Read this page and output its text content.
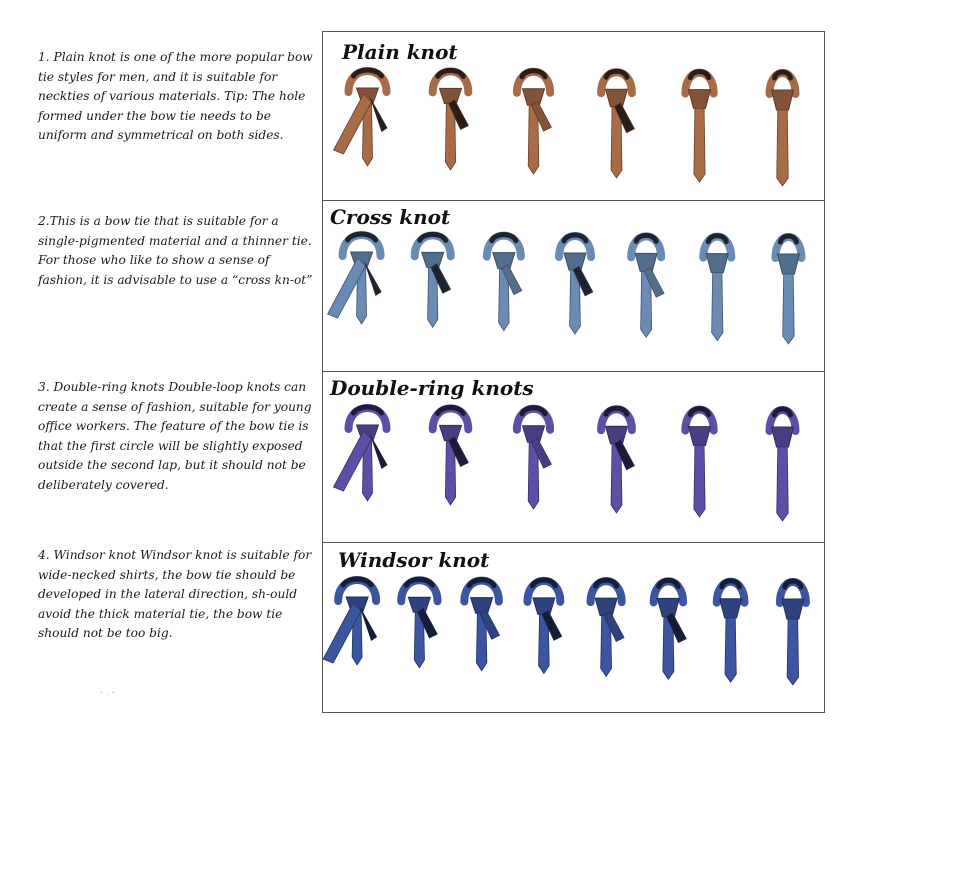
1. Plain knot is one of the more popular bow tie styles for men, and it is suitable for neckties of various materials. Tip: The hole formed under the bow tie needs to be uniform and symmetrical on both sides.

2.This is a bow tie that is suitable for a single-pigmented material and a thinner tie. For those who like to show a sense of fashion, it is advisable to use a “cross kn-ot”

3. Double-ring knots Double-loop knots can create a sense of fashion, suitable for young office workers. The feature of the bow tie is that the first circle will be slightly exposed outside the second lap, but it should not be deliberately covered.

4. Windsor knot Windsor knot is suitable for wide-necked shirts, the bow tie should be developed in the lateral direction, sh-ould avoid the thick material tie, the bow tie should not be too big.

Plain knot
Cross knot
Double-ring knots
Windsor knot
- . -
